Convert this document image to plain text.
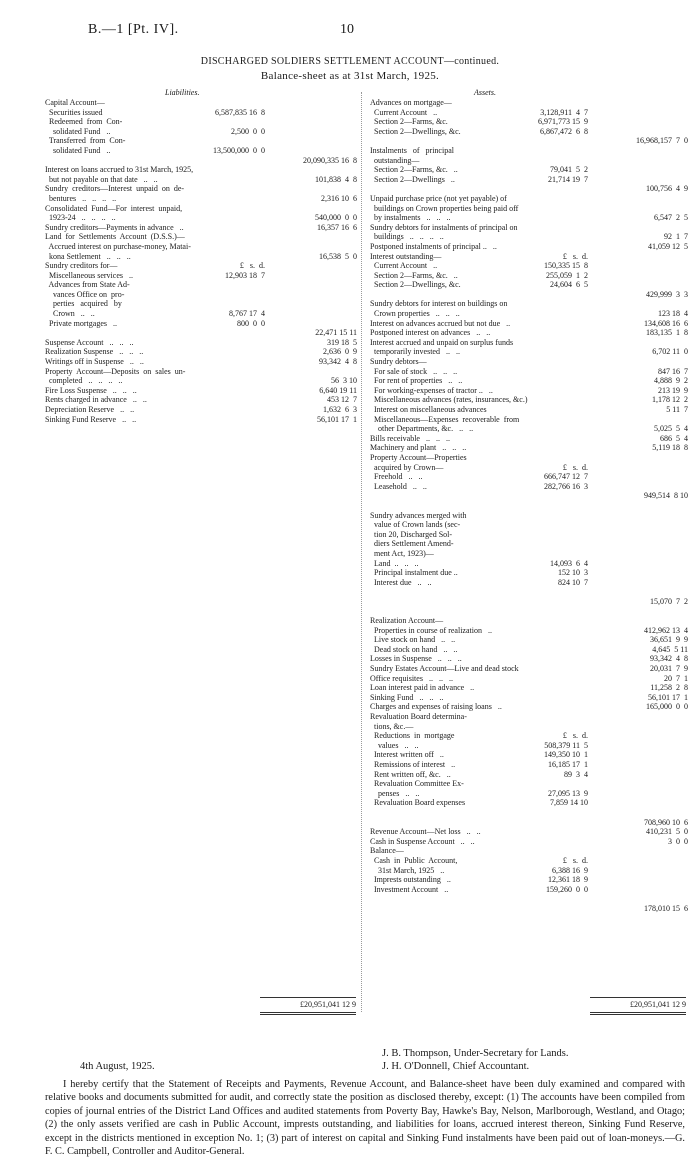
B.—1 [Pt. IV].	10
DISCHARGED SOLDIERS SETTLEMENT ACCOUNT—continued.
Balance-sheet as at 31st March, 1925.
Liabilities.
Capital Account—
Securities issued	6,587,835 16  8
Redeemed  from  Con-
solidated Fund   ..	2,500  0  0
Transferred  from  Con-
solidated Fund   ..	13,500,000  0  0
20,090,335 16  8
Interest on loans accrued to 31st March, 1925,
but not payable on that date   ..   ..	101,838  4  8
Sundry  creditors—Interest  unpaid  on  de-
bentures   ..   ..   ..   ..	2,316 10  6
Consolidated  Fund—For  interest  unpaid,
1923-24   ..   ..   ..   ..	540,000  0  0
Sundry creditors—Payments in advance   ..	16,357 16  6
Land  for  Settlements  Account  (D.S.S.)—
Accrued interest on purchase-money, Matai-
kona Settlement   ..   ..   ..	16,538  5  0
Sundry creditors for—	£   s.  d.
Miscellaneous services   ..	12,903 18  7
Advances from State Ad-
vances Office on  pro-
perties   acquired   by
Crown   ..   ..	8,767 17  4
Private mortgages   ..	800  0  0
22,471 15 11
Suspense Account   ..   ..   ..	319 18  5
Realization Suspense   ..   ..   ..	2,636  0  9
Writings off in Suspense   ..   ..	93,342  4  8
Property  Account—Deposits  on  sales  un-
completed   ..   ..   ..   ..	56  3 10
Fire Loss Suspense   ..   ..   ..	6,640 19 11
Rents charged in advance   ..   ..	453 12  7
Depreciation Reserve   ..   ..	1,632  6  3
Sinking Fund Reserve   ..   ..	56,101 17  1
Assets.
Advances on mortgage—
Current Account   ..	3,128,911  4  7
Section 2—Farms, &c.	6,971,773 15  9
Section 2—Dwellings, &c.	6,867,472  6  8
16,968,157  7  0
Instalments   of   principal
outstanding—
Section 2—Farms, &c.   ..	79,041  5  2
Section 2—Dwellings   ..	21,714 19  7
100,756  4  9
Unpaid purchase price (not yet payable) of
buildings on Crown properties being paid off
by instalments   ..   ..   ..	6,547  2  5
Sundry debtors for instalments of principal on
buildings   ..   ..   ..   ..	92  1  7
Postponed instalments of principal ..   ..	41,059 12  5
Interest outstanding—	£   s.  d.
Current Account   ..	150,335 15  8
Section 2—Farms, &c.   ..	255,059  1  2
Section 2—Dwellings, &c.	24,604  6  5
429,999  3  3
Sundry debtors for interest on buildings on
Crown properties   ..   ..   ..	123 18  4
Interest on advances accrued but not due   ..	134,608 16  6
Postponed interest on advances   ..   ..	183,135  1  8
Interest accrued and unpaid on surplus funds
temporarily invested   ..   ..	6,702 11  0
Sundry debtors—
For sale of stock   ..   ..   ..	847 16  7
For rent of properties   ..   ..	4,888  9  2
For working-expenses of tractor ..   ..	213 19  9
Miscellaneous advances (rates, insurances, &c.)	1,178 12  2
Interest on miscellaneous advances	5 11  7
Miscellaneous—Expenses  recoverable  from
other Departments, &c.   ..   ..	5,025  5  4
Bills receivable   ..   ..   ..	686  5  4
Machinery and plant   ..   ..   ..	5,119 18  8
Property Account—Properties
acquired by Crown—	£   s.  d.
Freehold   ..   ..	666,747 12  7
Leasehold   ..   ..	282,766 16  3
949,514  8 10
Sundry advances merged with
value of Crown lands (sec-
tion 20, Discharged Sol-
diers Settlement Amend-
ment Act, 1923)—
Land  ..   ..   ..	14,093  6  4
Principal instalment due ..	152 10  3
Interest due   ..   ..	824 10  7
15,070  7  2
Realization Account—
Properties in course of realization   ..	412,962 13  4
Live stock on hand   ..   ..	36,651  9  9
Dead stock on hand   ..   ..	4,645  5 11
Losses in Suspense   ..   ..   ..	93,342  4  8
Sundry Estates Account—Live and dead stock	20,031  7  9
Office requisites   ..   ..   ..	20  7  1
Loan interest paid in advance   ..	11,258  2  8
Sinking Fund   ..   ..   ..	56,101 17  1
Charges and expenses of raising loans   ..	165,000  0  0
Revaluation Board determina-
tions, &c.—
Reductions  in  mortgage	£   s.  d.
values   ..   ..	508,379 11  5
Interest written off   ..	149,350 10  1
Remissions of interest   ..	16,185 17  1
Rent written off, &c.   ..	89  3  4
Revaluation Committee Ex-
penses   ..   ..	27,095 13  9
Revaluation Board expenses	7,859 14 10
708,960 10  6
Revenue Account—Net loss   ..   ..	410,231  5  0
Cash in Suspense Account   ..   ..	3  0  0
Balance—
Cash  in  Public  Account,	£   s.  d.
31st March, 1925   ..	6,388 16  9
Imprests outstanding   ..	12,361 18  9
Investment Account   ..	159,260  0  0
178,010 15  6
£20,951,041 12 9	£20,951,041 12 9
J. B. Thompson, Under-Secretary for Lands.
J. H. O'Donnell, Chief Accountant.
4th August, 1925.
I hereby certify that the Statement of Receipts and Payments, Revenue Account, and Balance-sheet have been duly examined and compared with relative books and documents submitted for audit, and correctly state the position as disclosed thereby, except: (1) The accounts have been compiled from copies of journal entries of the District Land Offices and audited statements from Poverty Bay, Hawke's Bay, Nelson, Marlborough, Westland, and Otago; (2) the only assets verified are cash in Public Account, imprests outstanding, and liabilities for loans, accrued interest thereon, Sinking Fund Reserve, except in the districts mentioned in exception No. 1; (3) part of interest on capital and Sinking Fund instalments have been paid out of loan-moneys.—G. F. C. Campbell, Controller and Auditor-General.
